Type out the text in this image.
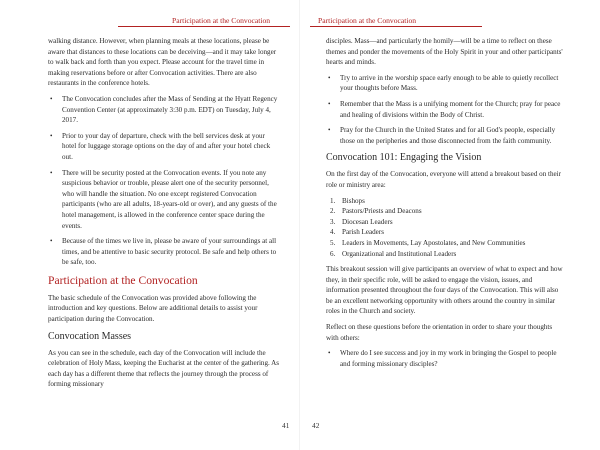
Participation at the Convocation

walking distance. However, when planning meals at these locations, please be aware that distances to these locations can be deceiving—and it may take longer to walk back and forth than you expect. Please account for the travel time in making reservations before or after Convocation activities. There are also restaurants in the conference hotels.

• The Convocation concludes after the Mass of Sending at the Hyatt Regency Convention Center (at approximately 3:30 p.m. EDT) on Tuesday, July 4, 2017.
• Prior to your day of departure, check with the bell services desk at your hotel for luggage storage options on the day of and after your hotel check out.
• There will be security posted at the Convocation events. If you note any suspicious behavior or trouble, please alert one of the security personnel, who will handle the situation. No one except registered Convocation participants (who are all adults, 18-years-old or over), and any guests of the hotel management, is allowed in the conference center space during the events.
• Because of the times we live in, please be aware of your surroundings at all times, and be attentive to basic security protocol. Be safe and help others to be safe, too.
Participation at the Convocation

The basic schedule of the Convocation was provided above following the introduction and key questions. Below are additional details to assist your participation during the Convocation.

Convocation Masses

As you can see in the schedule, each day of the Convocation will include the celebration of Holy Mass, keeping the Eucharist at the center of the gathering. As each day has a different theme that reflects the journey through the process of forming missionary

41
Participation at the Convocation

disciples. Mass—and particularly the homily—will be a time to reflect on these themes and ponder the movements of the Holy Spirit in your and other participants' hearts and minds.

• Try to arrive in the worship space early enough to be able to quietly recollect your thoughts before Mass.
• Remember that the Mass is a unifying moment for the Church; pray for peace and healing of divisions within the Body of Christ.
• Pray for the Church in the United States and for all God's people, especially those on the peripheries and those disconnected from the faith community.
Convocation 101: Engaging the Vision

On the first day of the Convocation, everyone will attend a breakout based on their role or ministry area:

1. Bishops
2. Pastors/Priests and Deacons
3. Diocesan Leaders
4. Parish Leaders
5. Leaders in Movements, Lay Apostolates, and New Communities
6. Organizational and Institutional Leaders

This breakout session will give participants an overview of what to expect and how they, in their specific role, will be asked to engage the vision, issues, and information presented throughout the four days of the Convocation. This will also be an excellent networking opportunity with others around the country in similar roles in the Church and society.

Reflect on these questions before the orientation in order to share your thoughts with others:

• Where do I see success and joy in my work in bringing the Gospel to people and forming missionary disciples?
42
